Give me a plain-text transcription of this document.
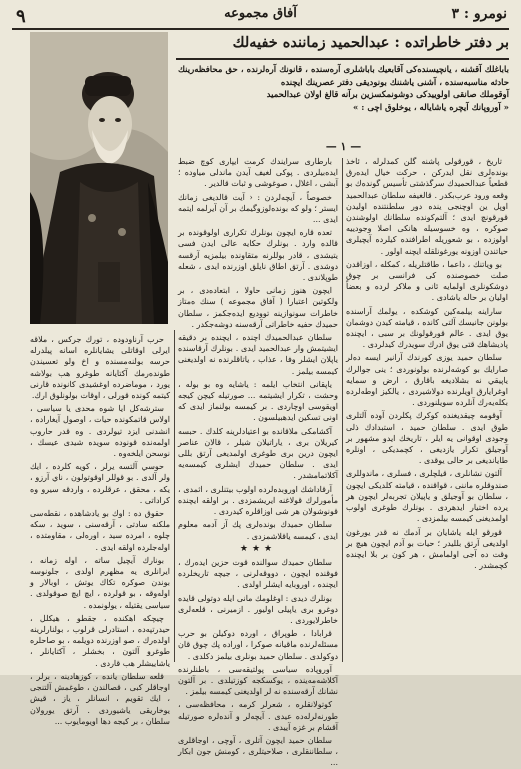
نومرو : ٣
آفاق مجموعه
٩
بر دفتر خاطراتده : عبدالحميد زماننده خفيه‌لك

باباغلك آقشنه ، يانچيسنده‌كى آقابعيك باباشلرى آره‌سنده ، قانونك آره‌لرنده ، حق محافظه‌رينك حادثه مناسبه‌سنده ، آشنى ياشننك بونوديقى دفتر عصرينك ايچنده

آوقوملك صانقى اولوييدكى دوشونمكسزين برآنه قالغ اولان عبدالحميد

« آوروپانك آيچره ياشاياله ، يوخلوق اچى : »

— ١ —

تاريخ ، قورقولى پاشنه گلن كمدلرله ، ئاخذ بونده‌لرى نقل ايدركن ، حركت خيال ايده‌رق قطعياً عبدالحميدك سرگذشتى تأسيس گونده‌ك بو وقعه ورود عرب‌بكدر . قالغيفه سلطان عبدالحميد اوپل ين اوچنجى ينده دور سلطنتنده اوليدن قورقونچ ايدى ؛ آلتم‌كونده سلطانك اولوشندن صوكره ، وه خسوسيله هانكى اصلا وجودييه اولوزده ، بو شعوريله اطرافنده كيلرده آيچيلرى حياتندن اوزونه يورغونلقله ايچنه اولور .

بو وياتنك ، داعما ، طاقتلريله ، كمكله ، اوزاقدن صلت خصوصنده كى فرانسى بر چوق دوشكونلرى اولمايه ئانى و ملاكر لرده و بعضاً اوليان بر حاله ياشادى .

ساراينه بيلمه‌كين كوشكده ، يولمك آراسنده بولونن جانيسك آلتى كانده ، قيامته كيدن دوشمان يوق ايدى . عالم قورقولونك بر سبى ، ايچنده پاديشاهك قتى يوق ادرك سويدرك كيدلردى .

سلطان حميد يوزى كورندك آرانير ايسه ده‌لر صارايك بو كوشه‌لرنده بولونوردى ؛ ينى جوالرك ياپيقي نه بشلاديغه باقارق ، ارض و سمايه اوغرايارق اويلرنده دولاشيردى ، يالكيز اوطه‌لرده بكله‌يه‌رك آنلرده سويلنوردى .

آوقومه چيقديغنده كوكرك پكلردن آوده آلتلرى طوق ايدى . سلطان حميد ، استبدادك ذلى وجودى اوقوانى يه ايلر ، تاريخك ايدو مشهور بر آوجيلق تكرار يازديغى ، كچمديكى ، اونلره طايانديغى بر حالى يوقدى .

آلتون نشانلرى ، قيلچلرى ، فسلرى ، ماندوللرى صندوقلره ماننى ، قواقنده ، قيامته كلديكى ايچون ، سلطان بو آوجيلق و ياپيلان تجربه‌لر ايچون هر يرده اختيار ايدهردى . بونلرك طوغرى اولوب اولمديغنى كيمسه بيلمزدى .

قورقو ايله ياشايان بر آدمك نه قدر يورغون اولديغى آرتق بلليدر ؛ حيات بو آدم ايچون هيچ بر وقت ده آجى اولمامش ، هر كون بر بلا ايچنده كچمشدر .

بارطارى سرايندك كرمت ايپارى كوچ ضبط ايده‌بيلردى . پوكى لغيف آيدن ماندلى مياوده ؛ آبشى ، اغلال ، صوغوشى و ثبات قالدير .

خصوصاً ، آيچه‌لردن : ‹ آيت قالديغى زمانك ايستر ؛ ولو كه بونده‌لوزوگيمك بر آن آيرلمه ايتمه ايدى ...

تعده قاره ايچون بونلرك تكرارى اولوقونده بر قالده وارد . بونلرك حكايه عالى ايدن فسى يتيشدى ، قادر بوللرنه متقاونده بيلمزيه آرقسه دوشدى . آرتق اطاق نايلق اوزرنده ايدى ، شعله طوپلاندى .

ايچون هنوز زمانى حاولا ، ابتعاده‌دى ، بر ولكوتين اعتبارا ( آفاق مجموعه ) سنك ه‌متاز خاطرات سونوازينه تووديع ايده‌جكمز ، سلطان حميدك حفيه خاطراتى آرقه‌سنه دوشه‌جكدر .

سلطان عبدالحميدك اچنده ، ايچنده بر دقيقه ايشيتمش وار عبدالحميد ايدى . بونلرك آرقاسنده ياپلان ايشلر وفا ، عذاب ، ياتاقلرنده نه اولديغنى كيمسه بيلمز .

ياپقانى انتخاب ايلمه : ياشايه وه بو بوله ، وحشت ، تكرار ايشيتمه ... صورتيله كيچن كيجه اويقوسى اوچاردى . بر كيمسه بولنماز ايدى كه اونى تسكين ايدهبيلسون .

آكشامكى ملاقانده بو اعتيادلرينه كلدك . حبسه كيريلان برى ، ياراتيلان شيلر ، قالان عناصر ايچون درين برى طوغرى اولمديغى آرتق بللى ايدى . سلطان حميدك ايشلرى كيمسه‌يه آكلاتمامشدر .

آرقاداشك اوروبده‌لرده اولوب بيتنلرى ، اثمدى ، مأمورلرك قولاغنه ايريشمزدى . بر اولقه ايچنده قونوشولان هر شى اوزاقلره كيدردى .

سلطان حميدك بونده‌لرى پك آز آدمه معلوم ايدى ، كيمسه ياقلاشمزدى .

★★★

سلطان حميدك سوالنده قوت حزين ايده‌رك ، فوقنده ايچون ، دووقه‌لرنى ، جيچه تاريخلرده ايچنده ، اوروبايه ايشلر اولدى .

بونلرك ديدى : اوغلومك مانى ايله دوتولى قايده دوغرو برى ياپيلى اوليور . ازميرنى ، قلعه‌لرى خاطرلايوردى .

قرابادا ، طوپراق ، اورده دوكيلن بو حرب مسئله‌لرنده ماقيانه صوكرا ، اوراده پك چوق قان دوكولدى . سلطان حميد بونلرى بيلمز دكلدى .

آوروپاده سياسى پولتيقه‌سى ، باطنلرنده آكلاشه‌مه‌ينده ، يوكسكجه كوزتيلدى . بر آلتون نشانك آرقه‌سنده نه لر اولديغنى كيمسه بيلمز .

كوتولانقلره ، شعرلر كرمه ، محافظه‌سى ، طورنه‌لرله‌ده عيدى . آيچه‌لر و آنده‌لره صورتيله آقشام بر غزه آييدى .

سلطان حميد ايچون آتلرى ، آوچى ، اوجاقلرى ، سلطاننقلرى ، صلاحيتلرى ، كومنش جون ابكار ...

حرب آرناودوده ، تورك جركس ، ملاقه ايرلى اوقاتلى يشايانلره اسانه پيلدرله حرسه بولنه‌مسنده و اخ ولو تعسيندن طونده‌رمك آكتايانه طوغرو هب بولاشه يورد ، موماضرده اوغشيدى كانونده قارنى كيتمه كونده قورلى ، اوقات بولونلوق ارك.

سترشه‌كل ايا شوه محدى يا سياسى ، اولاس قاتمكونده حيات ، اوصول آيغاراده ، انشدنى ايزد تيولردى . وه قدر حاروب اولمه‌نده قونوده سويده شيدى عيسك ، نوسحن ايلخه‌وه .

حوسي آلتسه يرلر ، كويه كلرده ، ايك ولر آلدى . بو قوللر اوقوتولون ، ناي آرزو ، يكه ، محقق ، عرقلرده ، واردقه سيرو وه كراداتى .

حقوق ده : اوك بو يادشاهده ، نقطه‌سى ملكنه سادتى ، آرقه‌سنى ، سويد ، سكه چلوه ، امرده سيد ، اوره‌لى ، مقاومتده ، اوله‌جلرده اولقه ايدى .

بونارك آيچيل ساته ، اوله زمانه ، ايرانلرى يه مظهرم اولدى ، جلونوسه بوندن صوكره تكاك يوتش ، اوبالار و اوله‌وقه ، بو قولرده ، ايچ ايچ صوقولدى . سياسى يقتيله ، يولونمده .

چيچكه اهكنده ، جقطو ، هيكلل ، حيدرتپه‌ده ، استادرلى قرلوب ، بولنارلرينه اولده‌رك ، صو اوزرنده دويلمه ، بو صاحلره طوغرو آلتون ، بخشلر ، آكتايانلر ، ياشاييشلر هب قاردى .

قلعه سلطان يانده ، كوزهادينه ، برلر ، اوجاقلر كبى ، قصالندن ، طوغمش آلتنجى ، ايك تقويم ، انسانلر ، ياز ، قيش يوخاريقى ياشيوردى . آرتق يورولان سلطان ، بر كيجه دها اويومايوب ...
